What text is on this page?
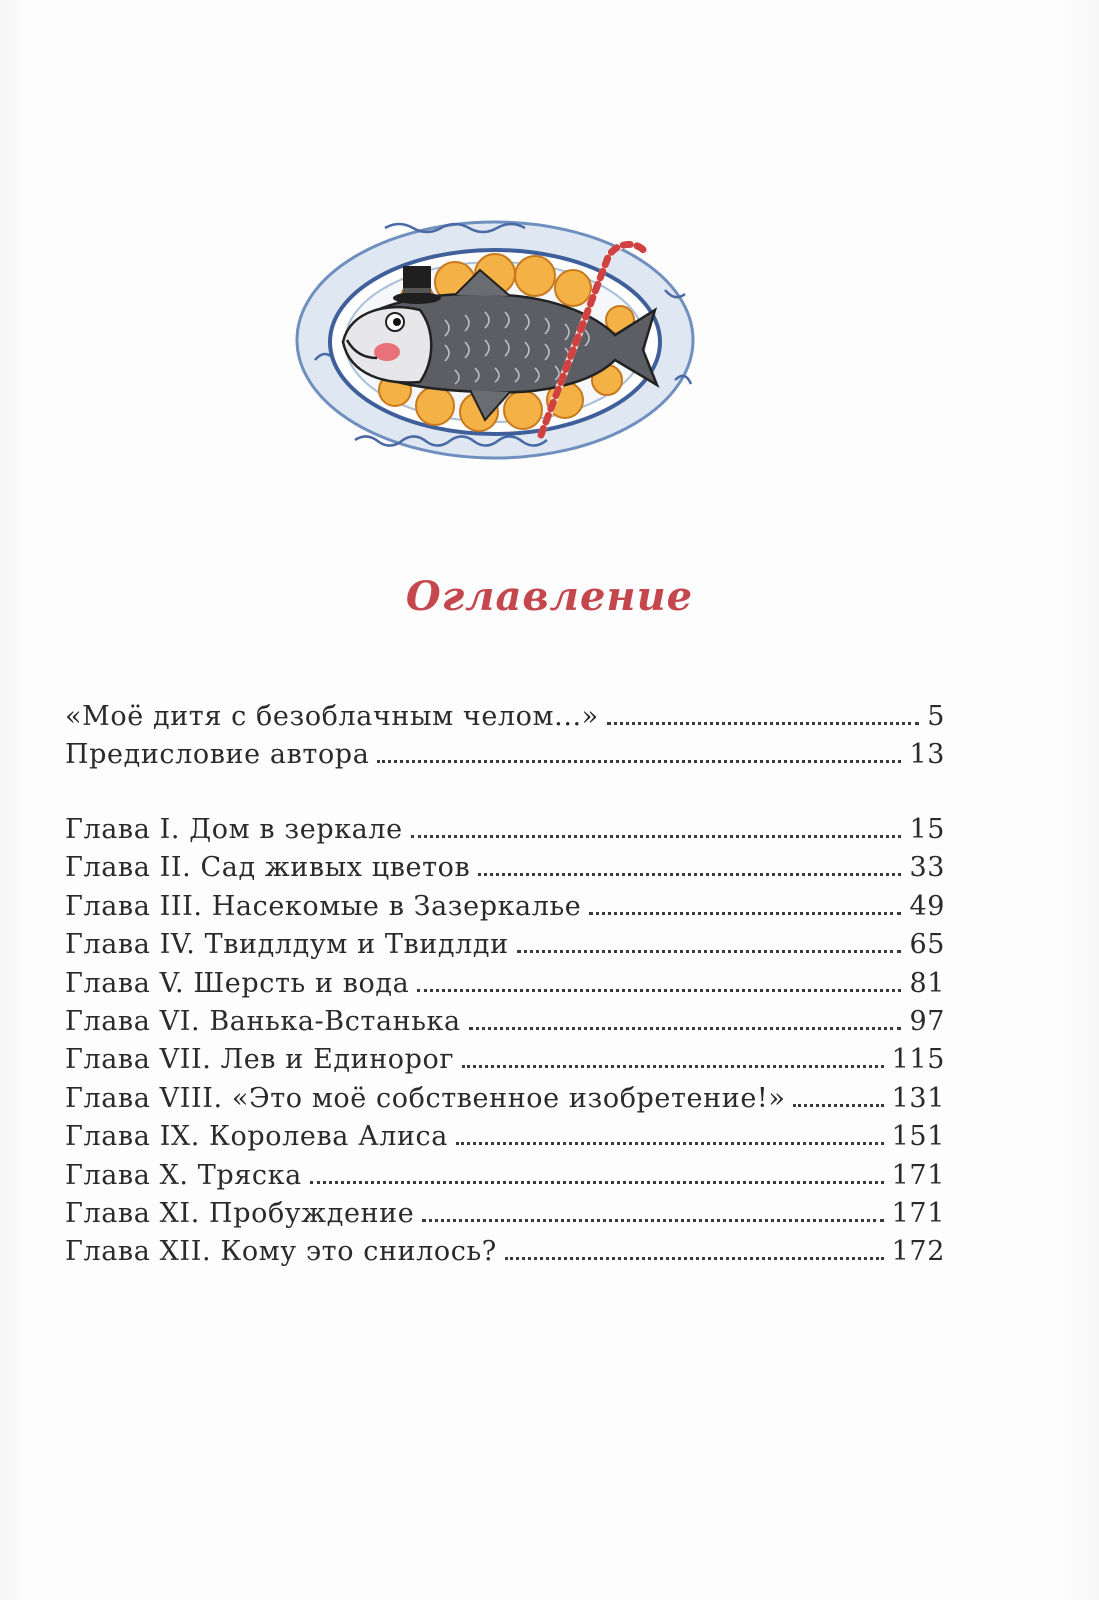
Оглавление
«Моё дитя с безоблачным челом...»	5
Предисловие автора	13
Глава I. Дом в зеркале	15
Глава II. Сад живых цветов	33
Глава III. Насекомые в Зазеркалье	49
Глава IV. Твидлдум и Твидлди	65
Глава V. Шерсть и вода	81
Глава VI. Ванька-Встанька	97
Глава VII. Лев и Единорог	115
Глава VIII. «Это моё собственное изобретение!»	131
Глава IX. Королева Алиса	151
Глава X. Тряска	171
Глава XI. Пробуждение	171
Глава XII. Кому это снилось?	172
